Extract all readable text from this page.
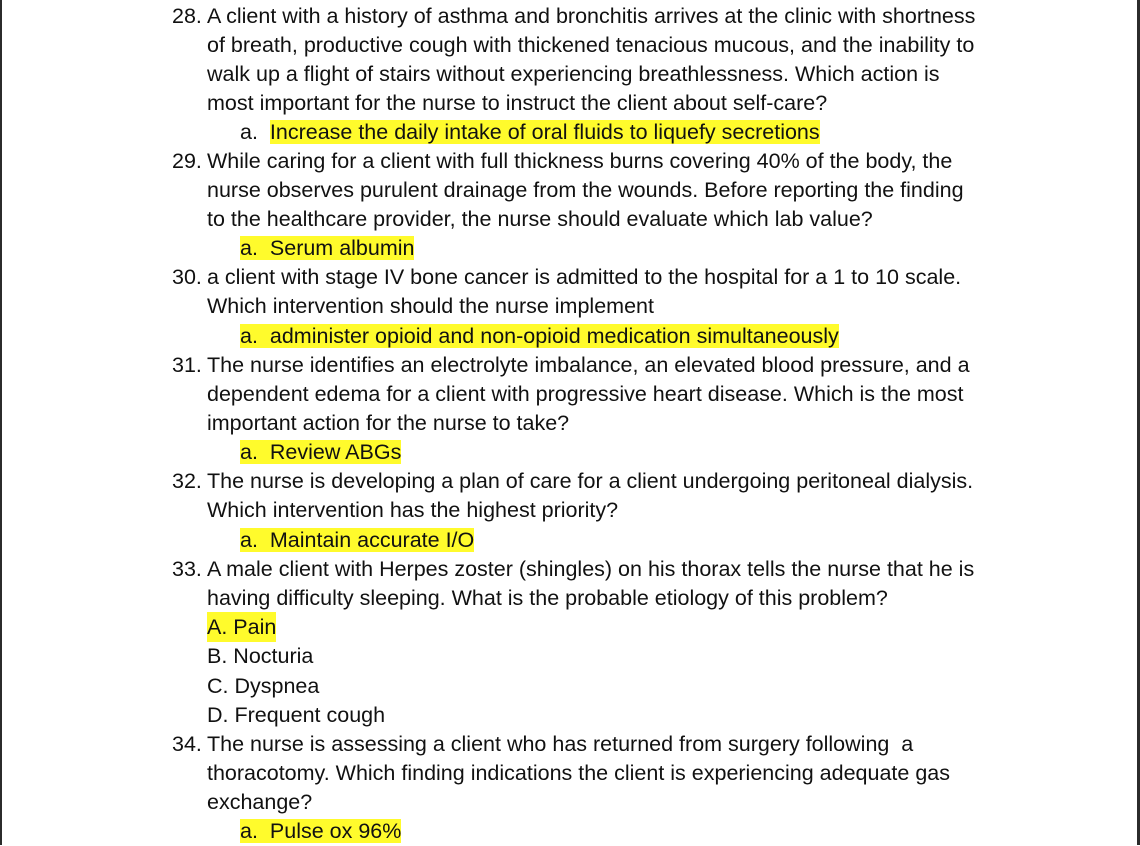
28. A client with a history of asthma and bronchitis arrives at the clinic with shortness
of breath, productive cough with thickened tenacious mucous, and the inability to
walk up a flight of stairs without experiencing breathlessness. Which action is
most important for the nurse to instruct the client about self-care?
a. Increase the daily intake of oral fluids to liquefy secretions
29. While caring for a client with full thickness burns covering 40% of the body, the
nurse observes purulent drainage from the wounds. Before reporting the finding
to the healthcare provider, the nurse should evaluate which lab value?
a. Serum albumin
30. a client with stage IV bone cancer is admitted to the hospital for a 1 to 10 scale.
Which intervention should the nurse implement
a. administer opioid and non-opioid medication simultaneously
31. The nurse identifies an electrolyte imbalance, an elevated blood pressure, and a
dependent edema for a client with progressive heart disease. Which is the most
important action for the nurse to take?
a. Review ABGs
32. The nurse is developing a plan of care for a client undergoing peritoneal dialysis.
Which intervention has the highest priority?
a. Maintain accurate I/O
33. A male client with Herpes zoster (shingles) on his thorax tells the nurse that he is
having difficulty sleeping. What is the probable etiology of this problem?
A. Pain
B. Nocturia
C. Dyspnea
D. Frequent cough
34. The nurse is assessing a client who has returned from surgery following  a
thoracotomy. Which finding indications the client is experiencing adequate gas
exchange?
a. Pulse ox 96%
